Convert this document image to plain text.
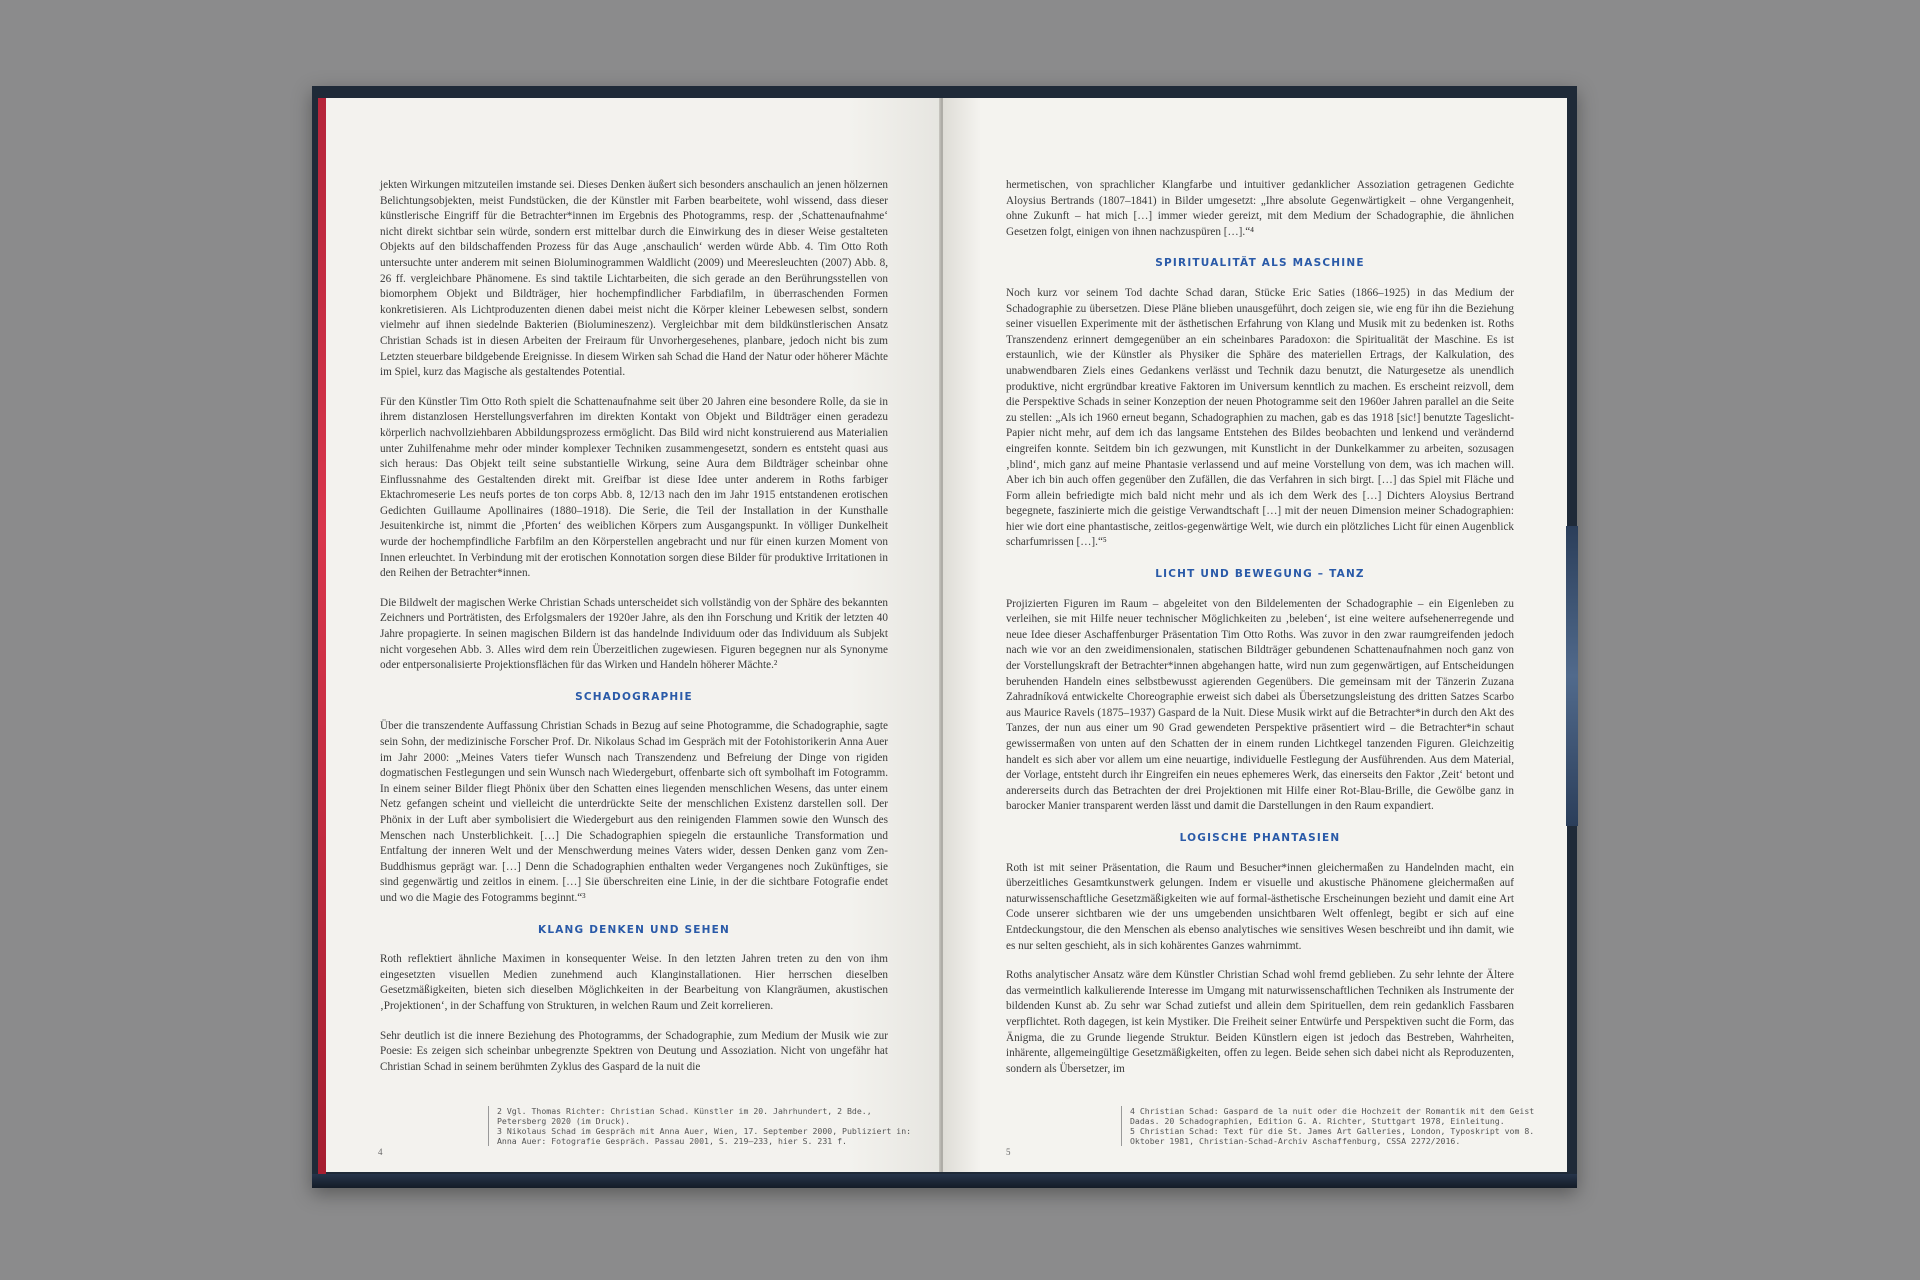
jekten Wirkungen mitzuteilen imstande sei. Dieses Denken äußert sich besonders anschaulich an jenen hölzernen Belichtungsobjekten, meist Fundstücken, die der Künstler mit Farben bearbeitete, wohl wissend, dass dieser künstlerische Eingriff für die Betrachter*innen im Ergebnis des Photogramms, resp. der ‚Schattenaufnahme‘ nicht direkt sichtbar sein würde, sondern erst mittelbar durch die Einwirkung des in dieser Weise gestalteten Objekts auf den bildschaffenden Prozess für das Auge ‚anschaulich‘ werden würde Abb. 4. Tim Otto Roth untersuchte unter anderem mit seinen Bioluminogrammen Waldlicht (2009) und Meeresleuchten (2007) Abb. 8, 26 ff. vergleichbare Phänomene. Es sind taktile Lichtarbeiten, die sich gerade an den Berührungsstellen von biomorphem Objekt und Bildträger, hier hochempfindlicher Farbdiafilm, in überraschenden Formen konkretisieren. Als Lichtproduzenten dienen dabei meist nicht die Körper kleiner Lebewesen selbst, sondern vielmehr auf ihnen siedelnde Bakterien (Biolumineszenz). Vergleichbar mit dem bildkünstlerischen Ansatz Christian Schads ist in diesen Arbeiten der Freiraum für Unvorhergesehenes, planbare, jedoch nicht bis zum Letzten steuerbare bildgebende Ereignisse. In diesem Wirken sah Schad die Hand der Natur oder höherer Mächte im Spiel, kurz das Magische als gestaltendes Potential.

Für den Künstler Tim Otto Roth spielt die Schattenaufnahme seit über 20 Jahren eine besondere Rolle, da sie in ihrem distanzlosen Herstellungsverfahren im direkten Kontakt von Objekt und Bildträger einen geradezu körperlich nachvollziehbaren Abbildungsprozess ermöglicht. Das Bild wird nicht konstruierend aus Materialien unter Zuhilfenahme mehr oder minder komplexer Techniken zusammengesetzt, sondern es entsteht quasi aus sich heraus: Das Objekt teilt seine substantielle Wirkung, seine Aura dem Bildträger scheinbar ohne Einflussnahme des Gestaltenden direkt mit. Greifbar ist diese Idee unter anderem in Roths farbiger Ektachromeserie Les neufs portes de ton corps Abb. 8, 12/13 nach den im Jahr 1915 entstandenen erotischen Gedichten Guillaume Apollinaires (1880–1918). Die Serie, die Teil der Installation in der Kunsthalle Jesuitenkirche ist, nimmt die ‚Pforten‘ des weiblichen Körpers zum Ausgangspunkt. In völliger Dunkelheit wurde der hochempfindliche Farbfilm an den Körperstellen angebracht und nur für einen kurzen Moment von Innen erleuchtet. In Verbindung mit der erotischen Konnotation sorgen diese Bilder für produktive Irritationen in den Reihen der Betrachter*innen.

Die Bildwelt der magischen Werke Christian Schads unterscheidet sich vollständig von der Sphäre des bekannten Zeichners und Porträtisten, des Erfolgsmalers der 1920er Jahre, als den ihn Forschung und Kritik der letzten 40 Jahre propagierte. In seinen magischen Bildern ist das handelnde Individuum oder das Individuum als Subjekt nicht vorgesehen Abb. 3. Alles wird dem rein Überzeitlichen zugewiesen. Figuren begegnen nur als Synonyme oder entpersonalisierte Projektionsflächen für das Wirken und Handeln höherer Mächte.²

SCHADOGRAPHIE

Über die transzendente Auffassung Christian Schads in Bezug auf seine Photogramme, die Schadographie, sagte sein Sohn, der medizinische Forscher Prof. Dr. Nikolaus Schad im Gespräch mit der Fotohistorikerin Anna Auer im Jahr 2000: „Meines Vaters tiefer Wunsch nach Transzendenz und Befreiung der Dinge von rigiden dogmatischen Festlegungen und sein Wunsch nach Wiedergeburt, offenbarte sich oft symbolhaft im Fotogramm. In einem seiner Bilder fliegt Phönix über den Schatten eines liegenden menschlichen Wesens, das unter einem Netz gefangen scheint und vielleicht die unterdrückte Seite der menschlichen Existenz darstellen soll. Der Phönix in der Luft aber symbolisiert die Wiedergeburt aus den reinigenden Flammen sowie den Wunsch des Menschen nach Unsterblichkeit. […] Die Schadographien spiegeln die erstaunliche Transformation und Entfaltung der inneren Welt und der Menschwerdung meines Vaters wider, dessen Denken ganz vom Zen-Buddhismus geprägt war. […] Denn die Schadographien enthalten weder Vergangenes noch Zukünftiges, sie sind gegenwärtig und zeitlos in einem. […] Sie überschreiten eine Linie, in der die sichtbare Fotografie endet und wo die Magie des Fotogramms beginnt.“³

KLANG DENKEN UND SEHEN

Roth reflektiert ähnliche Maximen in konsequenter Weise. In den letzten Jahren treten zu den von ihm eingesetzten visuellen Medien zunehmend auch Klanginstallationen. Hier herrschen dieselben Gesetzmäßigkeiten, bieten sich dieselben Möglichkeiten in der Bearbeitung von Klangräumen, akustischen ‚Projektionen‘, in der Schaffung von Strukturen, in welchen Raum und Zeit korrelieren.

Sehr deutlich ist die innere Beziehung des Photogramms, der Schadographie, zum Medium der Musik wie zur Poesie: Es zeigen sich scheinbar unbegrenzte Spektren von Deutung und Assoziation. Nicht von ungefähr hat Christian Schad in seinem berühmten Zyklus des Gaspard de la nuit die

2 Vgl. Thomas Richter: Christian Schad. Künstler im 20. Jahrhundert, 2 Bde., Petersberg 2020 (im Druck).
3 Nikolaus Schad im Gespräch mit Anna Auer, Wien, 17. September 2000, Publiziert in: Anna Auer: Fotografie Gespräch. Passau 2001, S. 219–233, hier S. 231 f.
4

hermetischen, von sprachlicher Klangfarbe und intuitiver gedanklicher Assoziation getragenen Gedichte Aloysius Bertrands (1807–1841) in Bilder umgesetzt: „Ihre absolute Gegenwärtigkeit – ohne Vergangenheit, ohne Zukunft – hat mich […] immer wieder gereizt, mit dem Medium der Schadographie, die ähnlichen Gesetzen folgt, einigen von ihnen nachzuspüren […].“⁴

SPIRITUALITÄT ALS MASCHINE

Noch kurz vor seinem Tod dachte Schad daran, Stücke Eric Saties (1866–1925) in das Medium der Schadographie zu übersetzen. Diese Pläne blieben unausgeführt, doch zeigen sie, wie eng für ihn die Beziehung seiner visuellen Experimente mit der ästhetischen Erfahrung von Klang und Musik mit zu bedenken ist. Roths Transzendenz erinnert demgegenüber an ein scheinbares Paradoxon: die Spiritualität der Maschine. Es ist erstaunlich, wie der Künstler als Physiker die Sphäre des materiellen Ertrags, der Kalkulation, des unabwendbaren Ziels eines Gedankens verlässt und Technik dazu benutzt, die Naturgesetze als unendlich produktive, nicht ergründbar kreative Faktoren im Universum kenntlich zu machen. Es erscheint reizvoll, dem die Perspektive Schads in seiner Konzeption der neuen Photogramme seit den 1960er Jahren parallel an die Seite zu stellen: „Als ich 1960 erneut begann, Schadographien zu machen, gab es das 1918 [sic!] benutzte Tageslicht-Papier nicht mehr, auf dem ich das langsame Entstehen des Bildes beobachten und lenkend und verändernd eingreifen konnte. Seitdem bin ich gezwungen, mit Kunstlicht in der Dunkelkammer zu arbeiten, sozusagen ‚blind‘, mich ganz auf meine Phantasie verlassend und auf meine Vorstellung von dem, was ich machen will. Aber ich bin auch offen gegenüber den Zufällen, die das Verfahren in sich birgt. […] das Spiel mit Fläche und Form allein befriedigte mich bald nicht mehr und als ich dem Werk des […] Dichters Aloysius Bertrand begegnete, faszinierte mich die geistige Verwandtschaft […] mit der neuen Dimension meiner Schadographien: hier wie dort eine phantastische, zeitlos-gegenwärtige Welt, wie durch ein plötzliches Licht für einen Augenblick scharfumrissen […].“⁵

LICHT UND BEWEGUNG – TANZ

Projizierten Figuren im Raum – abgeleitet von den Bildelementen der Schadographie – ein Eigenleben zu verleihen, sie mit Hilfe neuer technischer Möglichkeiten zu ‚beleben‘, ist eine weitere aufsehenerregende und neue Idee dieser Aschaffenburger Präsentation Tim Otto Roths. Was zuvor in den zwar raumgreifenden jedoch nach wie vor an den zweidimensionalen, statischen Bildträger gebundenen Schattenaufnahmen noch ganz von der Vorstellungskraft der Betrachter*innen abgehangen hatte, wird nun zum gegenwärtigen, auf Entscheidungen beruhenden Handeln eines selbstbewusst agierenden Gegenübers. Die gemeinsam mit der Tänzerin Zuzana Zahradníková entwickelte Choreographie erweist sich dabei als Übersetzungsleistung des dritten Satzes Scarbo aus Maurice Ravels (1875–1937) Gaspard de la Nuit. Diese Musik wirkt auf die Betrachter*in durch den Akt des Tanzes, der nun aus einer um 90 Grad gewendeten Perspektive präsentiert wird – die Betrachter*in schaut gewissermaßen von unten auf den Schatten der in einem runden Lichtkegel tanzenden Figuren. Gleichzeitig handelt es sich aber vor allem um eine neuartige, individuelle Festlegung der Ausführenden. Aus dem Material, der Vorlage, entsteht durch ihr Eingreifen ein neues ephemeres Werk, das einerseits den Faktor ‚Zeit‘ betont und andererseits durch das Betrachten der drei Projektionen mit Hilfe einer Rot-Blau-Brille, die Gewölbe ganz in barocker Manier transparent werden lässt und damit die Darstellungen in den Raum expandiert.

LOGISCHE PHANTASIEN

Roth ist mit seiner Präsentation, die Raum und Besucher*innen gleichermaßen zu Handelnden macht, ein überzeitliches Gesamtkunstwerk gelungen. Indem er visuelle und akustische Phänomene gleichermaßen auf naturwissenschaftliche Gesetzmäßigkeiten wie auf formal-ästhetische Erscheinungen bezieht und damit eine Art Code unserer sichtbaren wie der uns umgebenden unsichtbaren Welt offenlegt, begibt er sich auf eine Entdeckungstour, die den Menschen als ebenso analytisches wie sensitives Wesen beschreibt und ihn damit, wie es nur selten geschieht, als in sich kohärentes Ganzes wahrnimmt.

Roths analytischer Ansatz wäre dem Künstler Christian Schad wohl fremd geblieben. Zu sehr lehnte der Ältere das vermeintlich kalkulierende Interesse im Umgang mit naturwissenschaftlichen Techniken als Instrumente der bildenden Kunst ab. Zu sehr war Schad zutiefst und allein dem Spirituellen, dem rein gedanklich Fassbaren verpflichtet. Roth dagegen, ist kein Mystiker. Die Freiheit seiner Entwürfe und Perspektiven sucht die Form, das Änigma, die zu Grunde liegende Struktur. Beiden Künstlern eigen ist jedoch das Bestreben, Wahrheiten, inhärente, allgemeingültige Gesetzmäßigkeiten, offen zu legen. Beide sehen sich dabei nicht als Reproduzenten, sondern als Übersetzer, im

4 Christian Schad: Gaspard de la nuit oder die Hochzeit der Romantik mit dem Geist Dadas. 20 Schadographien, Edition G. A. Richter, Stuttgart 1978, Einleitung.
5 Christian Schad: Text für die St. James Art Galleries, London, Typoskript vom 8. Oktober 1981, Christian-Schad-Archiv Aschaffenburg, CSSA 2272/2016.
5
